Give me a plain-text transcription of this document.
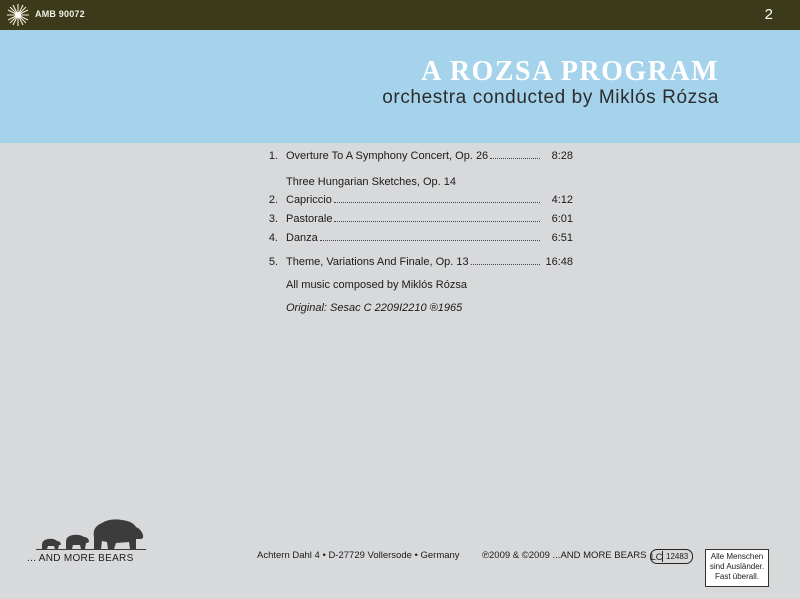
AMB 90072	2
A ROZSA PROGRAM
orchestra conducted by Miklós Rózsa
1. Overture To A Symphony Concert, Op. 26	8:28
Three Hungarian Sketches, Op. 14
2. Capriccio	4:12
3. Pastorale	6:01
4. Danza	6:51
5. Theme, Variations And Finale, Op. 13	16:48
All music composed by Miklós Rózsa
Original: Sesac C 2209I2210 ®1965
... AND MORE BEARS	Achtern Dahl 4 • D-27729 Vollersode • Germany ℗2009 & ©2009 ...AND MORE BEARS LC 12483	Alle Menschen
sind Ausländer.
Fast überall.
